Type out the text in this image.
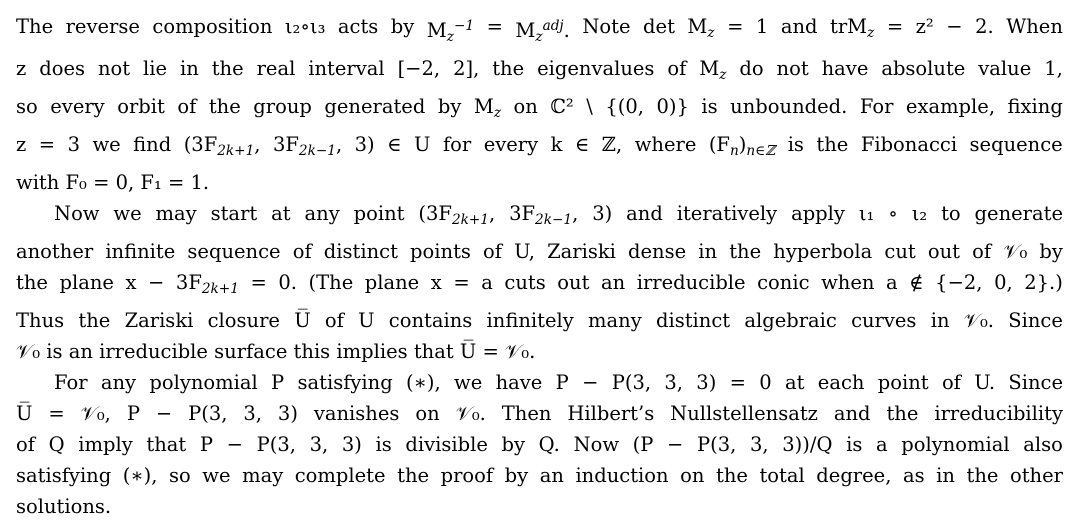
The reverse composition ι₂∘ι₃ acts by $M_z^{-1} = M_z^{adj}$. Note $\det M_z = 1$ and trM$_z$ = z² − 2. When
z does not lie in the real interval [−2, 2], the eigenvalues of $M_z$ do not have absolute value 1,
so every orbit of the group generated by $M_z$ on ℂ² \ {(0, 0)} is unbounded. For example, fixing
z = 3 we find ($3F_{2k+1}$, $3F_{2k-1}$, 3) ∈ U for every k ∈ ℤ, where $(F_n)_{n\in ℤ}$ is the Fibonacci sequence
with F₀ = 0, F₁ = 1.
Now we may start at any point ($3F_{2k+1}$, $3F_{2k-1}$, 3) and iteratively apply ι₁ ∘ ι₂ to generate
another infinite sequence of distinct points of U, Zariski dense in the hyperbola cut out of 𝒱₀ by
the plane $x - 3F_{2k+1} = 0$. (The plane x = a cuts out an irreducible conic when a ∉ {−2, 0, 2}.)
Thus the Zariski closure U̅ of U contains infinitely many distinct algebraic curves in 𝒱₀. Since
𝒱₀ is an irreducible surface this implies that U̅ = 𝒱₀.
For any polynomial P satisfying (∗), we have P − P(3, 3, 3) = 0 at each point of U. Since
U̅ = 𝒱₀, P − P(3, 3, 3) vanishes on 𝒱₀. Then Hilbert’s Nullstellensatz and the irreducibility
of Q imply that P − P(3, 3, 3) is divisible by Q. Now (P − P(3, 3, 3))/Q is a polynomial also
satisfying (∗), so we may complete the proof by an induction on the total degree, as in the other
solutions.
